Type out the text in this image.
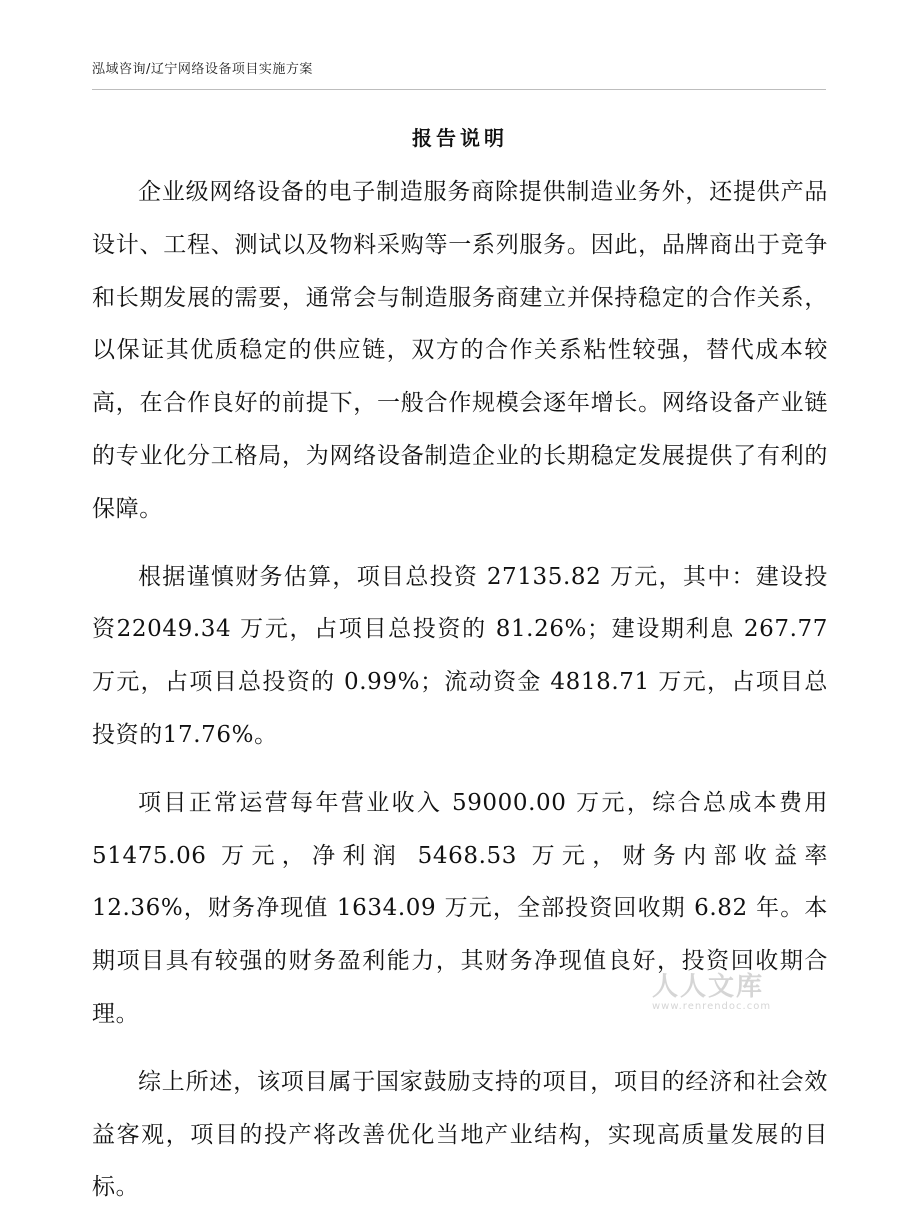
泓域咨询/辽宁网络设备项目实施方案
报告说明

企业级网络设备的电子制造服务商除提供制造业务外，还提供产品设计、工程、测试以及物料采购等一系列服务。因此，品牌商出于竞争和长期发展的需要，通常会与制造服务商建立并保持稳定的合作关系，以保证其优质稳定的供应链，双方的合作关系粘性较强，替代成本较高，在合作良好的前提下，一般合作规模会逐年增长。网络设备产业链的专业化分工格局，为网络设备制造企业的长期稳定发展提供了有利的保障。

根据谨慎财务估算，项目总投资 27135.82 万元，其中：建设投资22049.34 万元，占项目总投资的 81.26%；建设期利息 267.77 万元，占项目总投资的 0.99%；流动资金 4818.71 万元，占项目总投资的17.76%。

项目正常运营每年营业收入 59000.00 万元，综合总成本费用51475.06 万元，净利润 5468.53 万元，财务内部收益率 12.36%，财务净现值 1634.09 万元，全部投资回收期 6.82 年。本期项目具有较强的财务盈利能力，其财务净现值良好，投资回收期合理。

综上所述，该项目属于国家鼓励支持的项目，项目的经济和社会效益客观，项目的投产将改善优化当地产业结构，实现高质量发展的目标。

人人文库
www.renrendoc.com
